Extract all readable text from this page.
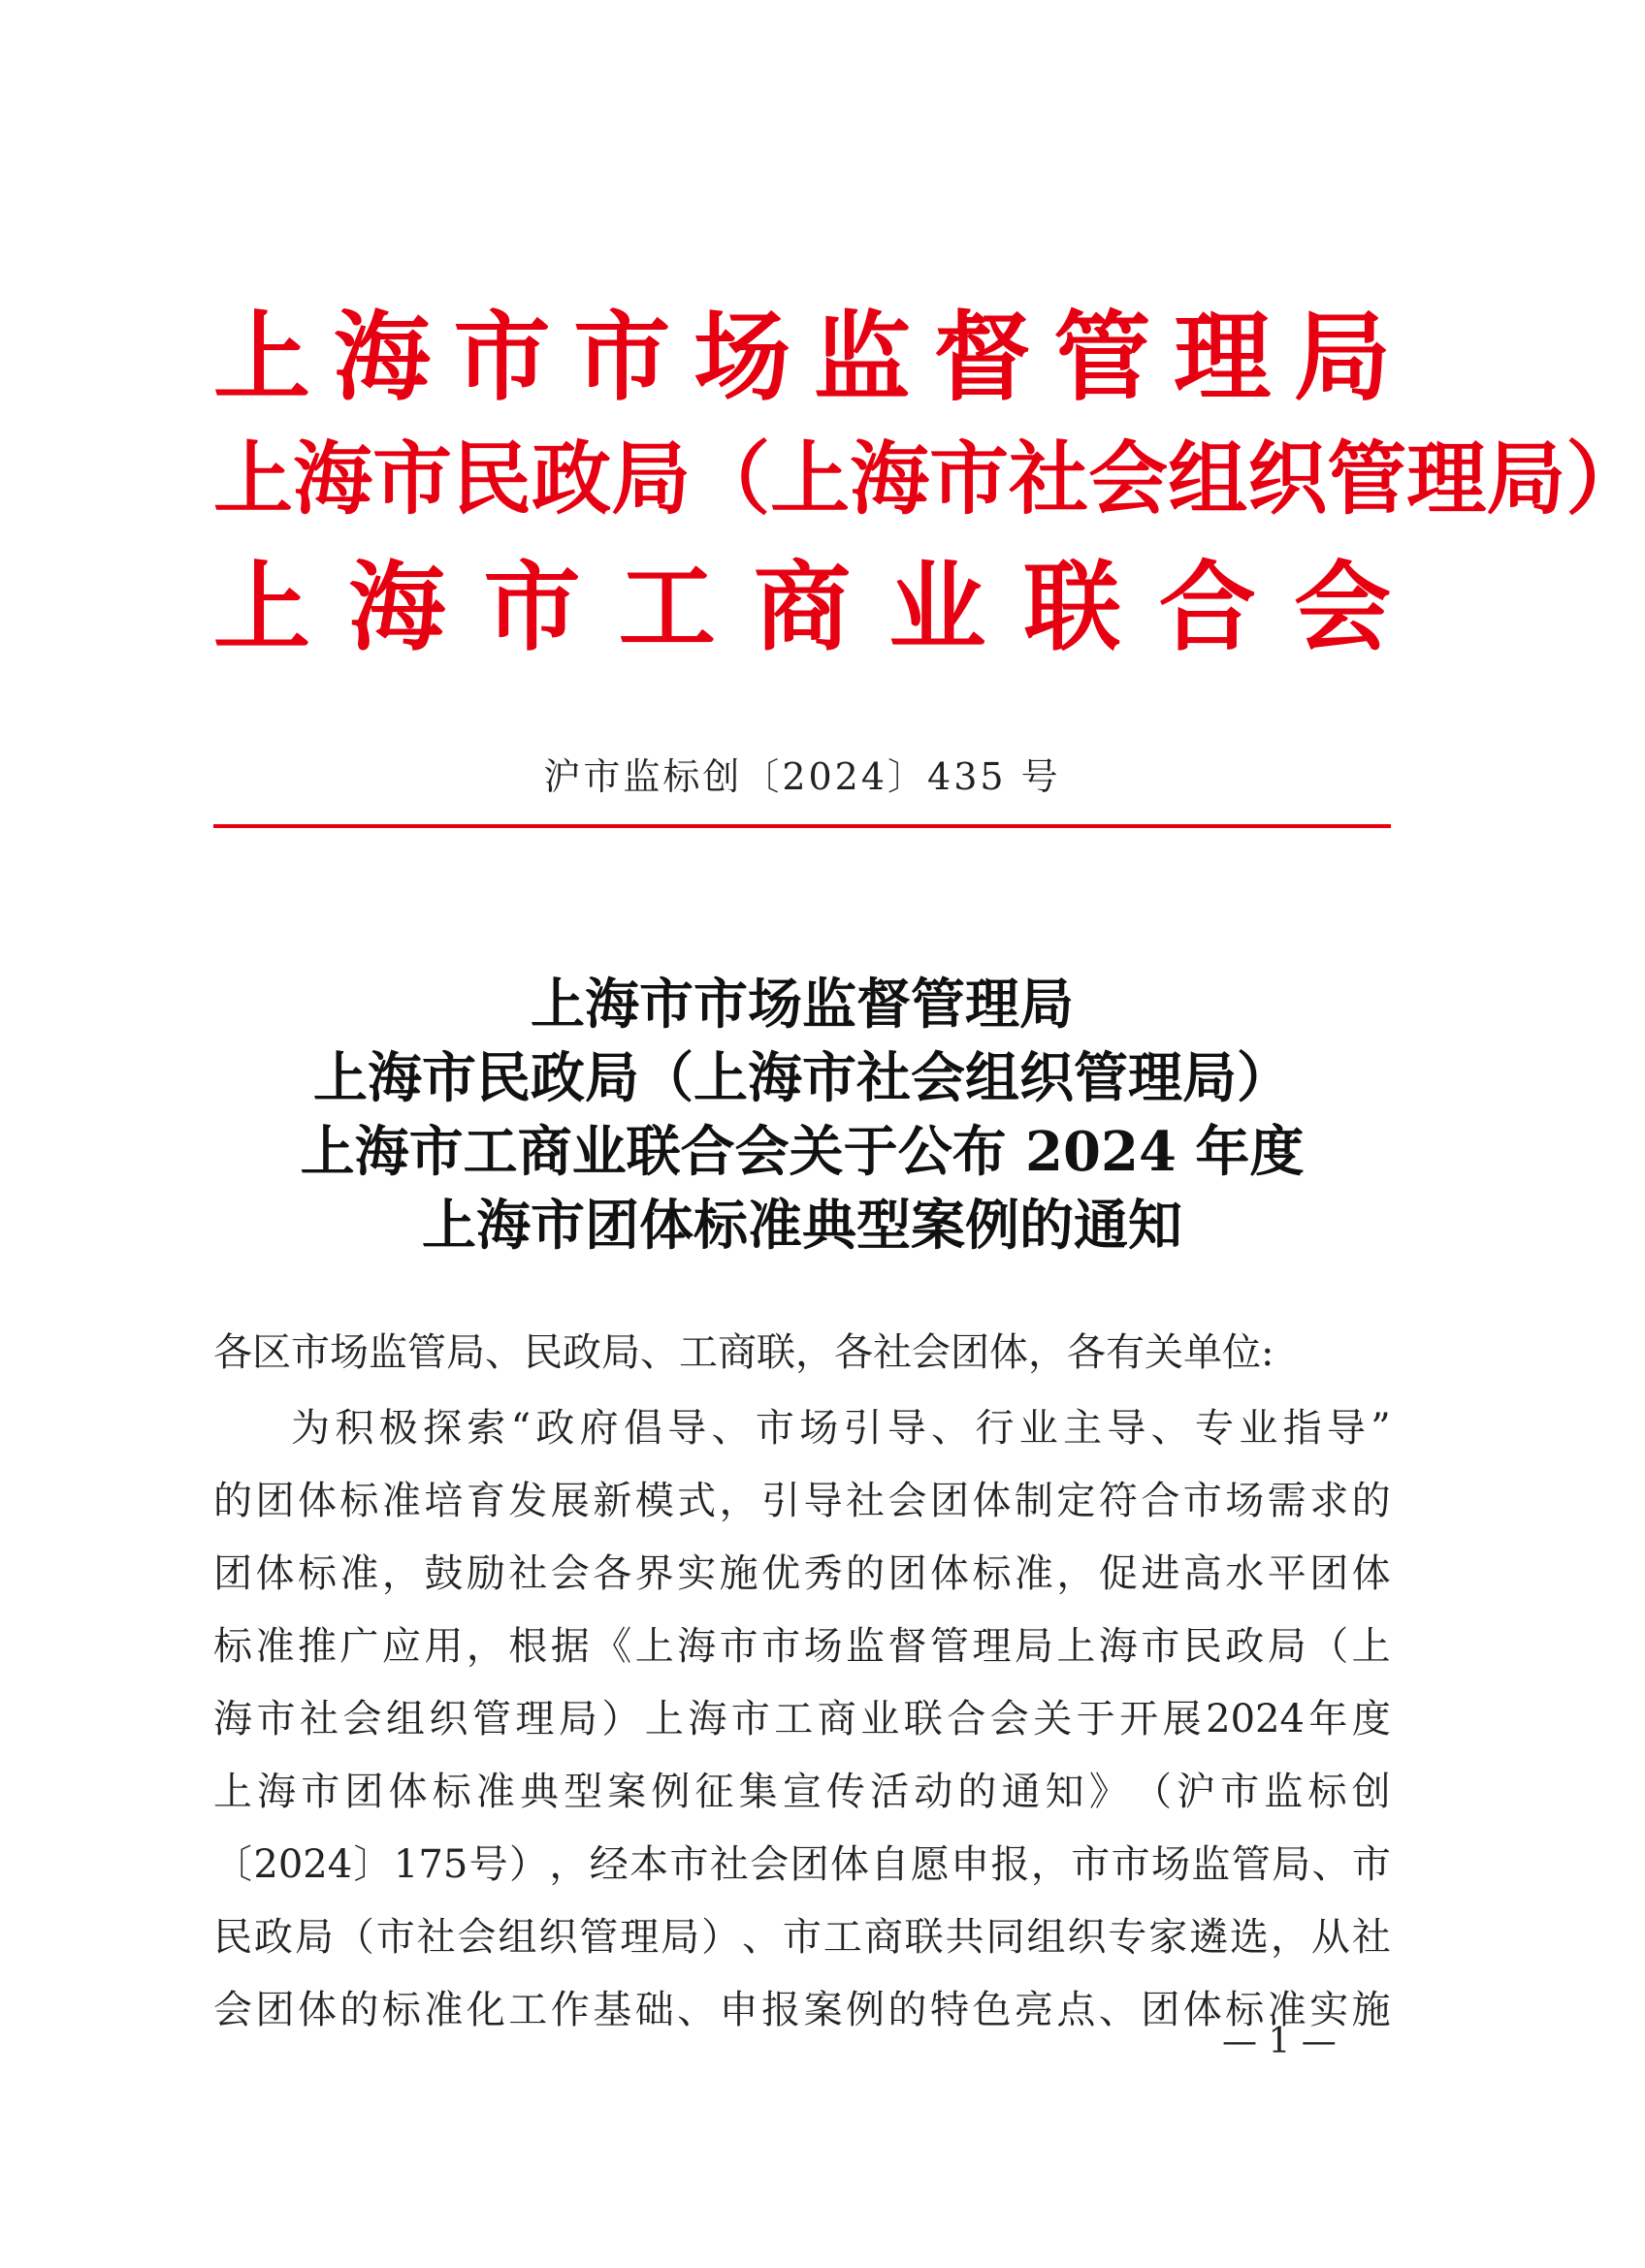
上 海 市 市 场 监 督 管 理 局
上 海 市 民 政 局 （ 上 海 市 社 会 组 织 管 理 局 ）
上 海 市 工 商 业 联 合 会
沪市监标创〔2024〕435 号
上海市市场监督管理局
上海市民政局（上海市社会组织管理局）
上海市工商业联合会关于公布 2024 年度
上海市团体标准典型案例的通知
各区市场监管局、民政局、工商联，各社会团体，各有关单位:
为 积 极 探 索 “ 政 府 倡 导 、 市 场 引 导 、 行 业 主 导 、 专 业 指 导 ”
的 团 体 标 准 培 育 发 展 新 模 式 ， 引 导 社 会 团 体 制 定 符 合 市 场 需 求 的
团 体 标 准 ， 鼓 励 社 会 各 界 实 施 优 秀 的 团 体 标 准 ， 促 进 高 水 平 团 体
标 准 推 广 应 用 ， 根 据 《 上 海 市 市 场 监 督 管 理 局 上 海 市 民 政 局 （ 上
海 市 社 会 组 织 管 理 局 ） 上 海 市 工 商 业 联 合 会 关 于 开 展 2024 年 度
上 海 市 团 体 标 准 典 型 案 例 征 集 宣 传 活 动 的 通 知 》 （ 沪 市 监 标 创
〔 2024 〕 175 号 ） ， 经 本 市 社 会 团 体 自 愿 申 报 ， 市 市 场 监 管 局 、 市
民 政 局 （ 市 社 会 组 织 管 理 局 ） 、 市 工 商 联 共 同 组 织 专 家 遴 选 ， 从 社
会 团 体 的 标 准 化 工 作 基 础 、 申 报 案 例 的 特 色 亮 点 、 团 体 标 准 实 施
— 1 —
